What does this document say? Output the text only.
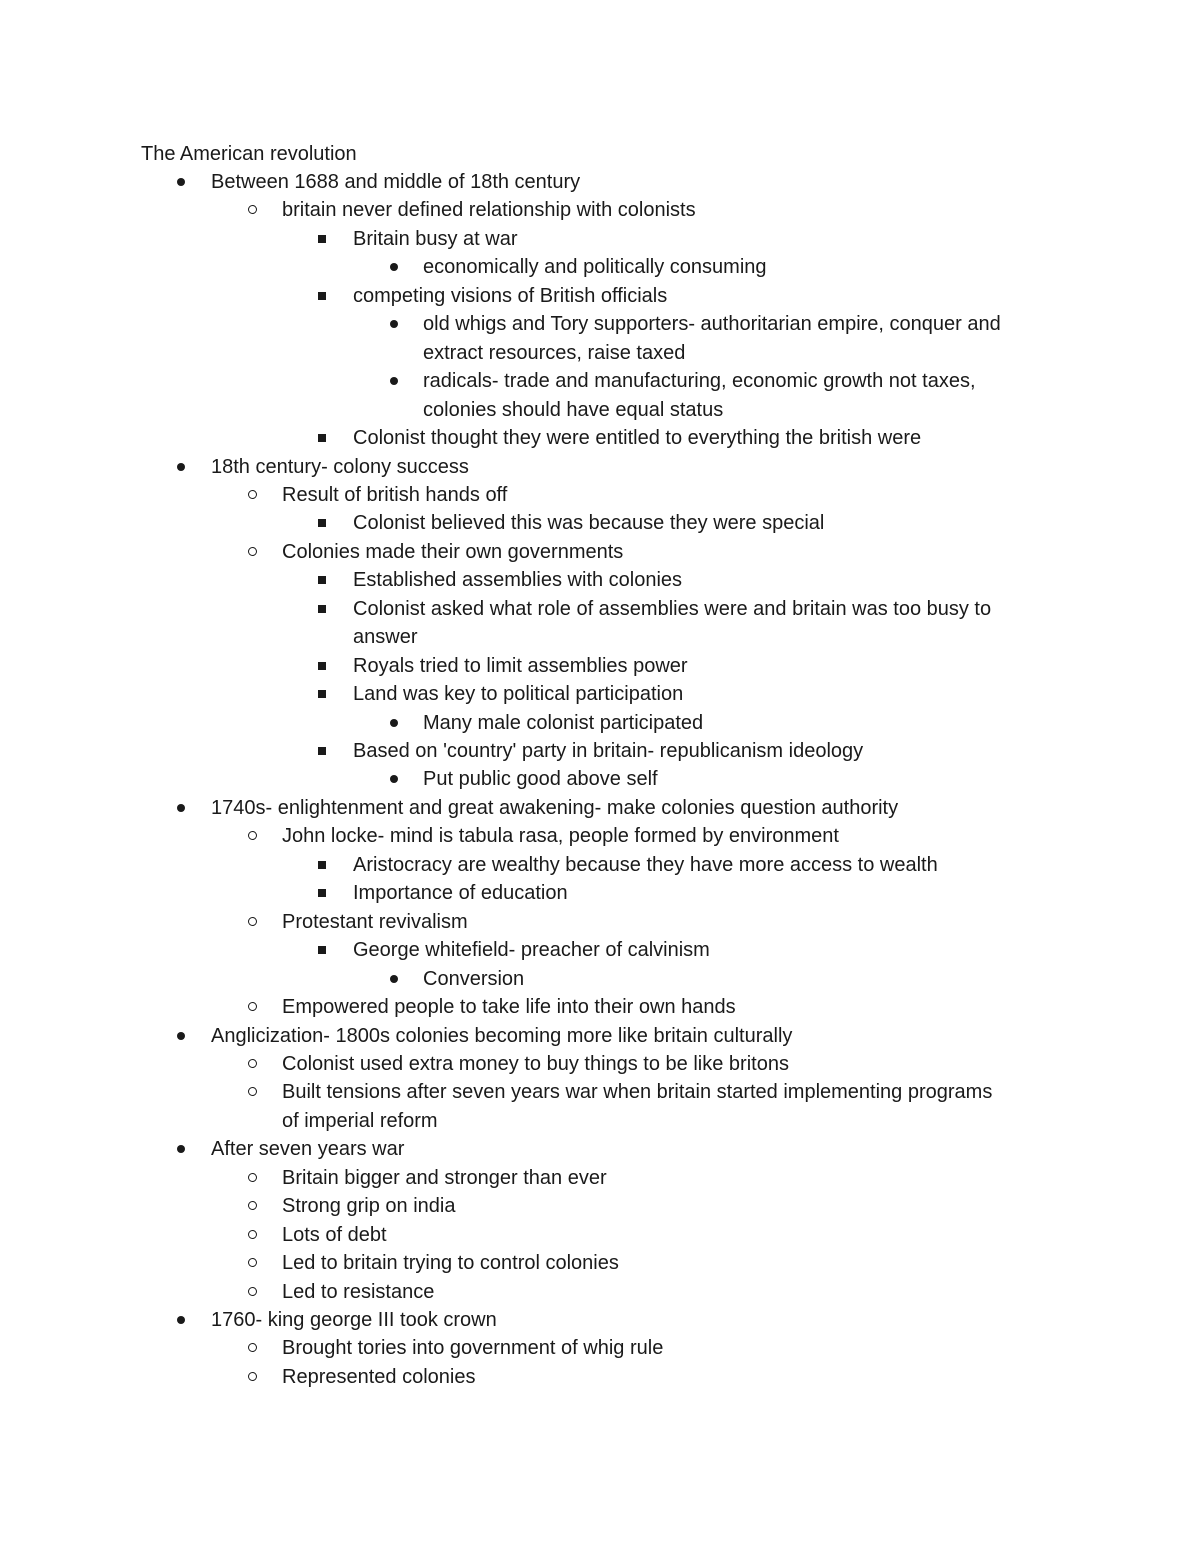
The American revolution
Between 1688 and middle of 18th century
britain never defined relationship with colonists
Britain busy at war
economically and politically consuming
competing visions of British officials
old whigs and Tory supporters- authoritarian empire, conquer and
extract resources, raise taxed
radicals- trade and manufacturing, economic growth not taxes,
colonies should have equal status
Colonist thought they were entitled to everything the british were
18th century- colony success
Result of british hands off
Colonist believed this was because they were special
Colonies made their own governments
Established assemblies with colonies
Colonist asked what role of assemblies were and britain was too busy to
answer
Royals tried to limit assemblies power
Land was key to political participation
Many male colonist participated
Based on 'country' party in britain- republicanism ideology
Put public good above self
1740s- enlightenment and great awakening- make colonies question authority
John locke- mind is tabula rasa, people formed by environment
Aristocracy are wealthy because they have more access to wealth
Importance of education
Protestant revivalism
George whitefield- preacher of calvinism
Conversion
Empowered people to take life into their own hands
Anglicization- 1800s colonies becoming more like britain culturally
Colonist used extra money to buy things to be like britons
Built tensions after seven years war when britain started implementing programs
of imperial reform
After seven years war
Britain bigger and stronger than ever
Strong grip on india
Lots of debt
Led to britain trying to control colonies
Led to resistance
1760- king george III took crown
Brought tories into government of whig rule
Represented colonies
